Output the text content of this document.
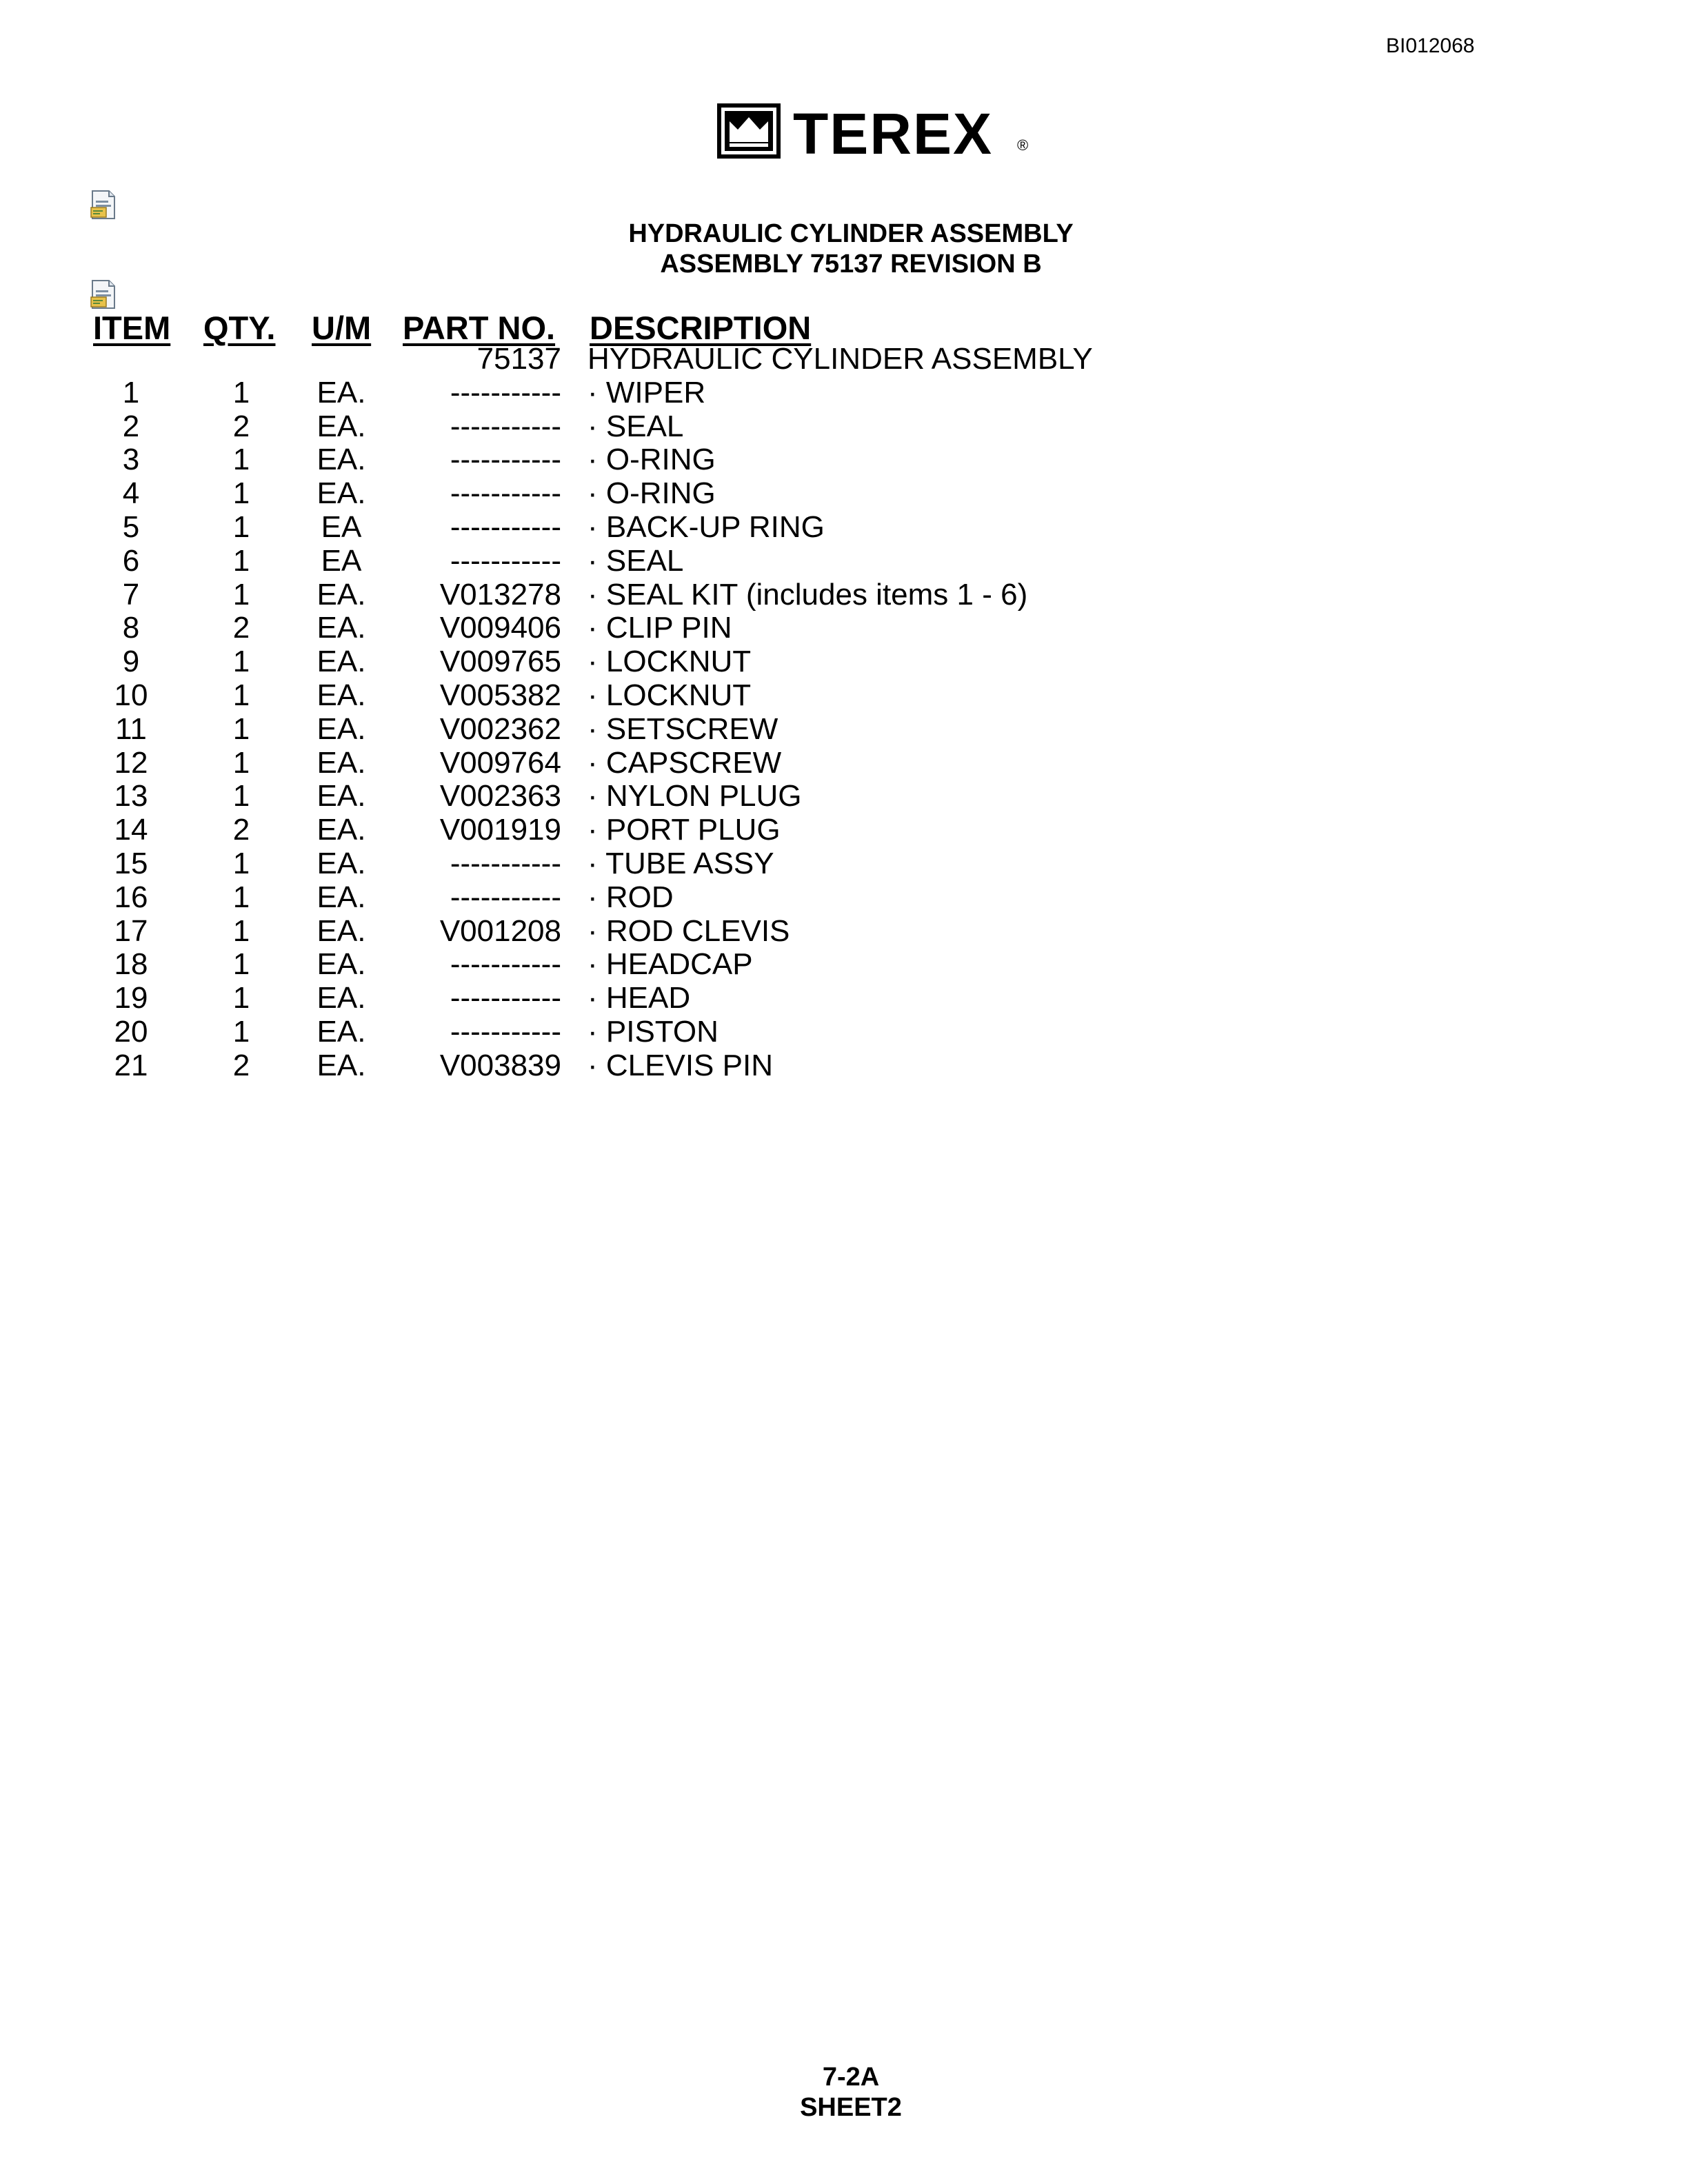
BI012068
TEREX ®
HYDRAULIC CYLINDER ASSEMBLY
ASSEMBLY 75137 REVISION B
ITEM QTY. U/M PART NO. DESCRIPTION
75137 HYDRAULIC CYLINDER ASSEMBLY
1	1	EA.	----------- · WIPER
2	2	EA.	----------- · SEAL
3	1	EA.	----------- · O-RING
4	1	EA.	----------- · O-RING
5	1	EA	----------- · BACK-UP RING
6	1	EA	----------- · SEAL
7	1	EA.	V013278 · SEAL KIT (includes items 1 - 6)
8	2	EA.	V009406 · CLIP PIN
9	1	EA.	V009765 · LOCKNUT
10	1	EA.	V005382 · LOCKNUT
11	1	EA.	V002362 · SETSCREW
12	1	EA.	V009764 · CAPSCREW
13	1	EA.	V002363 · NYLON PLUG
14	2	EA.	V001919 · PORT PLUG
15	1	EA.	----------- · TUBE ASSY
16	1	EA.	----------- · ROD
17	1	EA.	V001208 · ROD CLEVIS
18	1	EA.	----------- · HEADCAP
19	1	EA.	----------- · HEAD
20	1	EA.	----------- · PISTON
21	2	EA.	V003839 · CLEVIS PIN
7-2A
SHEET2
